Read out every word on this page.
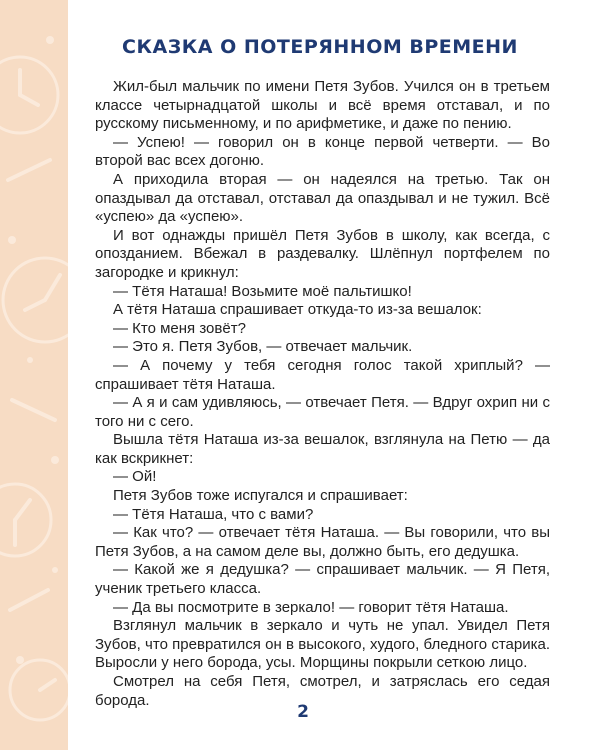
СКАЗКА О ПОТЕРЯННОМ ВРЕМЕНИ

Жил-был мальчик по имени Петя Зубов. Учился он в третьем классе четырнадцатой школы и всё время отставал, и по русскому письменному, и по арифметике, и даже по пению.

— Успею! — говорил он в конце первой четверти. — Во второй вас всех догоню.

А приходила вторая — он надеялся на третью. Так он опаздывал да отставал, отставал да опаздывал и не тужил. Всё «успею» да «успею».

И вот однажды пришёл Петя Зубов в школу, как всегда, с опозданием. Вбежал в раздевалку. Шлёпнул портфелем по загородке и крикнул:

— Тётя Наташа! Возьмите моё пальтишко!

А тётя Наташа спрашивает откуда-то из-за вешалок:

— Кто меня зовёт?

— Это я. Петя Зубов, — отвечает мальчик.

— А почему у тебя сегодня голос такой хриплый? — спрашивает тётя Наташа.

— А я и сам удивляюсь, — отвечает Петя. — Вдруг охрип ни с того ни с сего.

Вышла тётя Наташа из-за вешалок, взглянула на Петю — да как вскрикнет:

— Ой!

Петя Зубов тоже испугался и спрашивает:

— Тётя Наташа, что с вами?

— Как что? — отвечает тётя Наташа. — Вы говорили, что вы Петя Зубов, а на самом деле вы, должно быть, его дедушка.

— Какой же я дедушка? — спрашивает мальчик. — Я Петя, ученик третьего класса.

— Да вы посмотрите в зеркало! — говорит тётя Наташа.

Взглянул мальчик в зеркало и чуть не упал. Увидел Петя Зубов, что превратился он в высокого, худого, бледного старика. Выросли у него борода, усы. Морщины покрыли сеткою лицо.

Смотрел на себя Петя, смотрел, и затряслась его седая борода.

2
